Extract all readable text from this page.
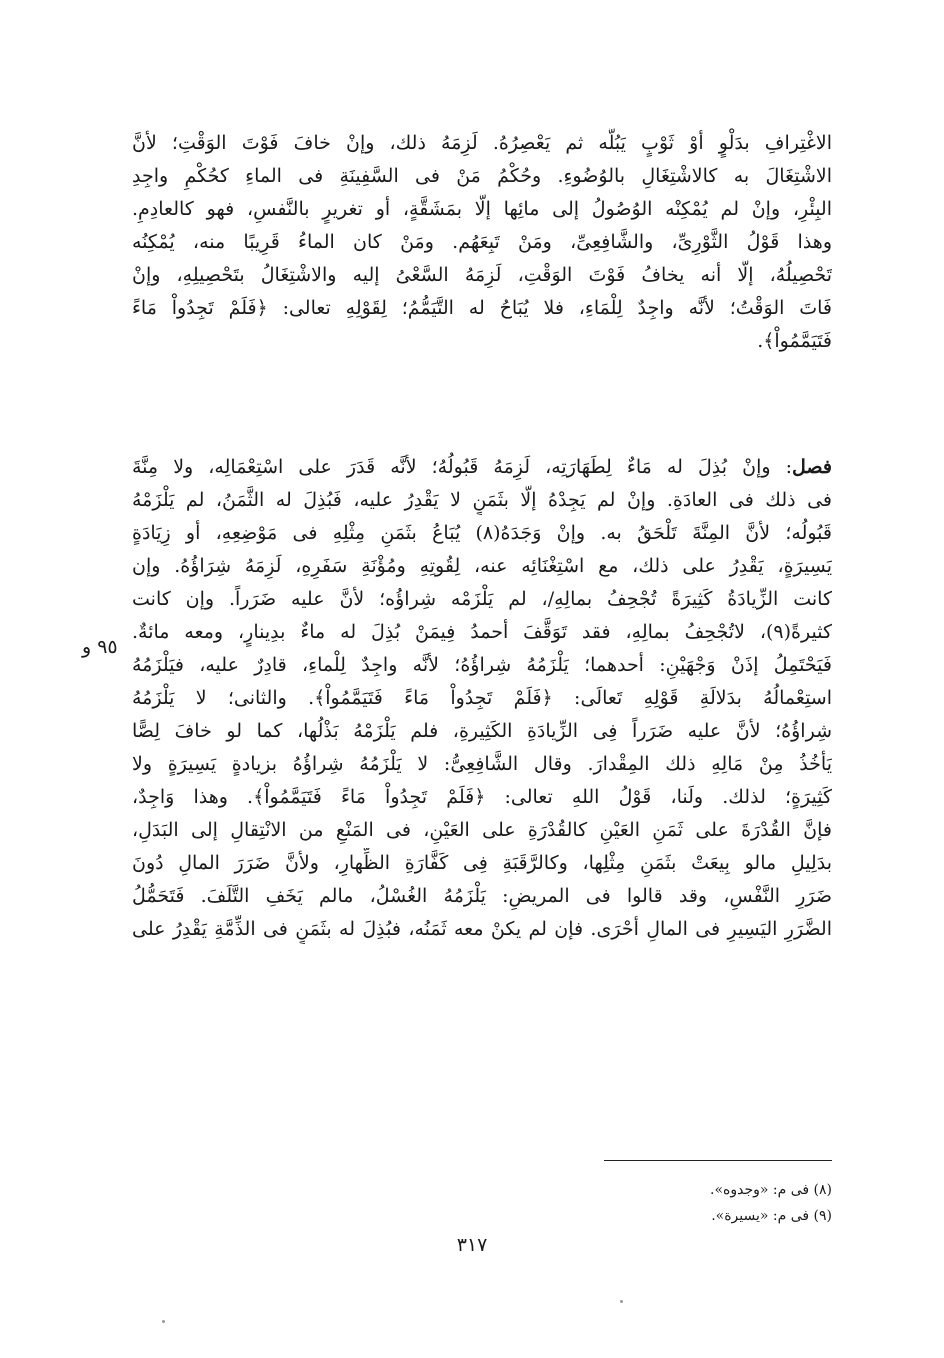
الاغْتِرافِ بدَلْوٍ أوْ ثَوْبٍ يَبُلُّه ثم يَعْصِرُهُ. لَزِمَهُ ذلك، وإنْ خافَ فَوْتَ الوَقْتِ؛ لأنَّ
الاشْتِغَالَ به كالاشْتِغَالِ بالوُضُوءِ. وحُكْمُ مَنْ فى السَّفِينَةِ فى الماءِ كحُكْمِ واجِدِ
البِئْرِ، وإنْ لم يُمْكِنْه الوُصُولُ إلى مائِها إلَّا بمَشَقَّةٍ، أو تغريرٍ بالنَّفسِ، فهو كالعادِمِ.
وهذا قَوْلُ الثَّوْرِىِّ، والشَّافِعِىِّ، ومَنْ تَبِعَهُم. ومَنْ كان الماءُ قَرِيبًا منه، يُمْكِنُه
تَحْصِيلُهُ، إلَّا أنه يخافُ فَوْتَ الوَقْتِ، لَزِمَهُ السَّعْىُ إليه والاشْتِغَالُ بتَحْصِيلِهِ، وإنْ
فَاتَ الوَقْتُ؛ لأنَّه واجِدٌ لِلْمَاءِ، فلا يُبَاحُ له التَّيَمُّمُ؛ لِقَوْلِهِ تعالى: ﴿فَلَمْ تَجِدُواْ مَاءً
فَتَيَمَّمُواْ﴾.
فصل: وإنْ بُذِلَ له مَاءٌ لِطَهَارَتِه، لَزِمَهُ قَبُولُهُ؛ لأنَّه قَدَرَ على اسْتِعْمَالِه، ولا مِنَّةَ
فى ذلك فى العادَةِ. وإنْ لم يَجِدْهُ إلَّا بثَمَنٍ لا يَقْدِرُ عليه، فَبُذِلَ له الثَّمَنُ، لم يَلْزَمْهُ
قَبُولُه؛ لأنَّ المِنَّةَ تَلْحَقُ به. وإنْ وَجَدَهُ(٨) يُبَاعُ بثَمَنِ مِثْلِهِ فى مَوْضِعِهِ، أو زِيَادَةٍ
يَسِيرَةٍ، يَقْدِرُ على ذلك، مع اسْتِغْنَائِه عنه، لِقُوتِهِ ومُؤْنَةِ سَفَرِهِ، لَزِمَهُ شِرَاؤُهُ. وإن
كانت الزِّيادَةُ كَثِيرَةً تُجْحِفُ بمالِهِ/، لم يَلْزَمْه شِراؤُه؛ لأنَّ عليه ضَرَراً. وإن كانت
كثيرةً(٩)، لاتُجْحِفُ بمالِهِ، فقد تَوَقَّفَ أحمدُ فِيمَنْ بُذِلَ له ماءٌ بدِينارٍ، ومعه مائةٌ.
فَيَحْتَمِلُ إذَنْ وَجْهَيْنِ: أحدهما؛ يَلْزَمُهُ شِراؤُهُ؛ لأنَّه واجِدٌ لِلْماءِ، قادِرٌ عليه، فيَلْزَمُهُ
استِعْمالُهُ بدَلالَةِ قَوْلِهِ تَعالَى: ﴿فَلَمْ تَجِدُواْ مَاءً فَتَيَمَّمُواْ﴾. والثانى؛ لا يَلْزَمُهُ
شِراؤُهُ؛ لأنَّ عليه ضَرَراً فِى الزِّيادَةِ الكَثِيرةِ، فلم يَلْزَمْهُ بَذْلُها، كما لو خافَ لِصًّا
يَأْخُذُ مِنْ مَالِهِ ذلك المِقْدارَ. وقال الشَّافِعِىُّ: لا يَلْزَمُهُ شِراؤُهُ بزيادةٍ يَسِيرَةٍ ولا
كَثِيرَةٍ؛ لذلك. ولَنا، قَوْلُ اللهِ تعالى: ﴿فَلَمْ تَجِدُواْ مَاءً فَتَيَمَّمُواْ﴾. وهذا وَاجِدٌ،
فإنَّ القُدْرَةَ على ثَمَنِ العَيْنِ كالقُدْرَةِ على العَيْنِ، فى المَنْعِ من الانْتِقالِ إلى البَدَلِ،
بدَلِيلِ مالو بِيعَتْ بثَمَنِ مِثْلِها، وكالرَّقَبَةِ فِى كَفَّارَةِ الظِّهارِ، ولأنَّ ضَرَرَ المالِ دُونَ
ضَرَرِ النَّفْسِ، وقد قالوا فى المريضِ: يَلْزَمُهُ الغُسْلُ، مالم يَخَفِ التَّلَفَ. فَتَحَمُّلُ
الضَّرَرِ اليَسِيرِ فى المالِ أحْرَى. فإن لم يكنْ معه ثَمَنُه، فبُذِلَ له بثَمَنٍ فى الذِّمَّةِ يَقْدِرُ على
٩٥ و
(٨) فى م: «وجدوه».
(٩) فى م: «يسيرة».
٣١٧
